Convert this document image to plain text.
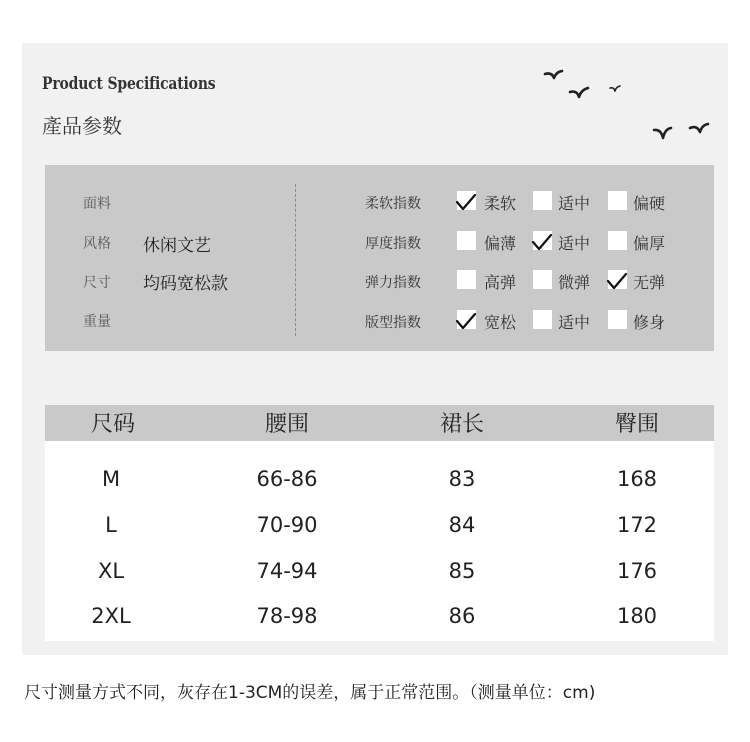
Product Specifications
產品参数
面料
风格 休闲文艺
尺寸 均码宽松款
重量
柔软指数	柔软	适中	偏硬
厚度指数	偏薄	适中	偏厚
弹力指数	高弹	微弹	无弹
版型指数	宽松	适中	修身
尺码	腰围	裙长	臀围
M	66-86	83	168
L	70-90	84	172
XL	74-94	85	176
2XL	78-98	86	180
尺寸测量方式不同，灰存在1-3CM的误差，属于正常范围。（测量单位：cm)
